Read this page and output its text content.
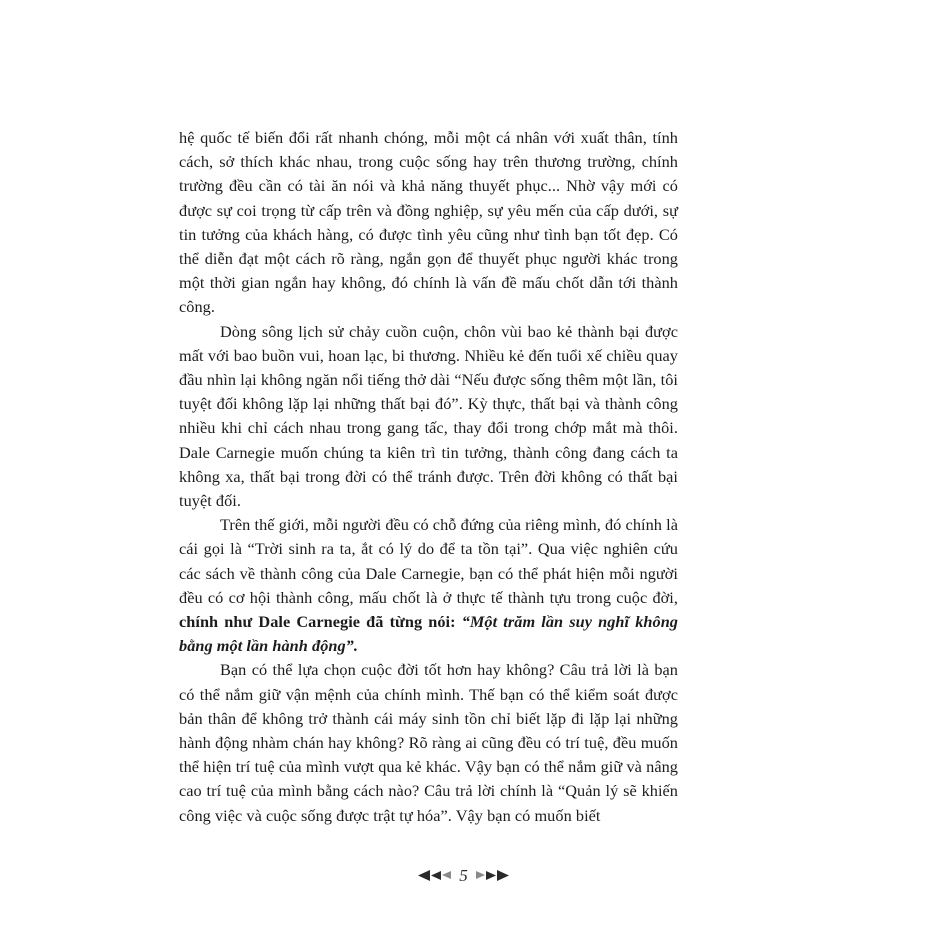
hệ quốc tế biến đổi rất nhanh chóng, mỗi một cá nhân với xuất thân, tính cách, sở thích khác nhau, trong cuộc sống hay trên thương trường, chính trường đều cần có tài ăn nói và khả năng thuyết phục... Nhờ vậy mới có được sự coi trọng từ cấp trên và đồng nghiệp, sự yêu mến của cấp dưới, sự tin tưởng của khách hàng, có được tình yêu cũng như tình bạn tốt đẹp. Có thể diễn đạt một cách rõ ràng, ngắn gọn để thuyết phục người khác trong một thời gian ngắn hay không, đó chính là vấn đề mấu chốt dẫn tới thành công.

Dòng sông lịch sử chảy cuồn cuộn, chôn vùi bao kẻ thành bại được mất với bao buồn vui, hoan lạc, bi thương. Nhiều kẻ đến tuổi xế chiều quay đầu nhìn lại không ngăn nổi tiếng thở dài “Nếu được sống thêm một lần, tôi tuyệt đối không lặp lại những thất bại đó”. Kỳ thực, thất bại và thành công nhiều khi chỉ cách nhau trong gang tấc, thay đổi trong chớp mắt mà thôi. Dale Carnegie muốn chúng ta kiên trì tin tưởng, thành công đang cách ta không xa, thất bại trong đời có thể tránh được. Trên đời không có thất bại tuyệt đối.

Trên thế giới, mỗi người đều có chỗ đứng của riêng mình, đó chính là cái gọi là “Trời sinh ra ta, ắt có lý do để ta tồn tại”. Qua việc nghiên cứu các sách về thành công của Dale Carnegie, bạn có thể phát hiện mỗi người đều có cơ hội thành công, mấu chốt là ở thực tế thành tựu trong cuộc đời, chính như Dale Carnegie đã từng nói: “Một trăm lần suy nghĩ không bằng một lần hành động”.

Bạn có thể lựa chọn cuộc đời tốt hơn hay không? Câu trả lời là bạn có thể nắm giữ vận mệnh của chính mình. Thế bạn có thể kiểm soát được bản thân để không trở thành cái máy sinh tồn chỉ biết lặp đi lặp lại những hành động nhàm chán hay không? Rõ ràng ai cũng đều có trí tuệ, đều muốn thể hiện trí tuệ của mình vượt qua kẻ khác. Vậy bạn có thể nắm giữ và nâng cao trí tuệ của mình bằng cách nào? Câu trả lời chính là “Quản lý sẽ khiến công việc và cuộc sống được trật tự hóa”. Vậy bạn có muốn biết

5
